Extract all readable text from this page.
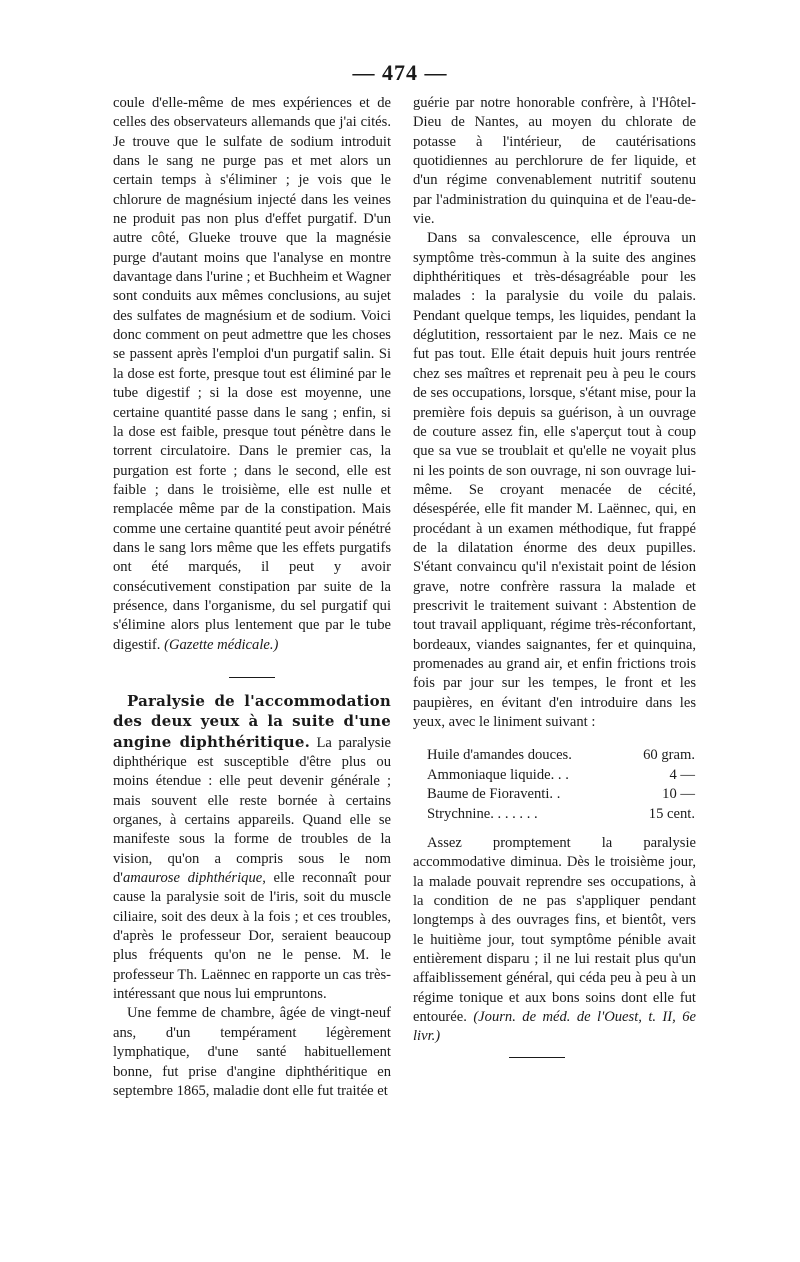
— 474 —

coule d'elle-même de mes expériences et de celles des observateurs allemands que j'ai cités. Je trouve que le sulfate de sodium introduit dans le sang ne purge pas et met alors un certain temps à s'éliminer ; je vois que le chlorure de magnésium injecté dans les veines ne produit pas non plus d'effet purgatif. D'un autre côté, Glueke trouve que la magnésie purge d'autant moins que l'analyse en montre davantage dans l'urine ; et Buchheim et Wagner sont conduits aux mêmes conclusions, au sujet des sulfates de magnésium et de sodium. Voici donc comment on peut admettre que les choses se passent après l'emploi d'un purgatif salin. Si la dose est forte, presque tout est éliminé par le tube digestif ; si la dose est moyenne, une certaine quantité passe dans le sang ; enfin, si la dose est faible, presque tout pénètre dans le torrent circulatoire. Dans le premier cas, la purgation est forte ; dans le second, elle est faible ; dans le troisième, elle est nulle et remplacée même par de la constipation. Mais comme une certaine quantité peut avoir pénétré dans le sang lors même que les effets purgatifs ont été marqués, il peut y avoir consécutivement constipation par suite de la présence, dans l'organisme, du sel purgatif qui s'élimine alors plus lentement que par le tube digestif. (Gazette médicale.)

Paralysie de l'accommodation des deux yeux à la suite d'une angine diphthéritique. La paralysie diphthérique est susceptible d'être plus ou moins étendue : elle peut devenir générale ; mais souvent elle reste bornée à certains organes, à certains appareils. Quand elle se manifeste sous la forme de troubles de la vision, qu'on a compris sous le nom d'amaurose diphthérique, elle reconnaît pour cause la paralysie soit de l'iris, soit du muscle ciliaire, soit des deux à la fois ; et ces troubles, d'après le professeur Dor, seraient beaucoup plus fréquents qu'on ne le pense. M. le professeur Th. Laënnec en rapporte un cas très-intéressant que nous lui empruntons.

Une femme de chambre, âgée de vingt-neuf ans, d'un tempérament légèrement lymphatique, d'une santé habituellement bonne, fut prise d'angine diphthéritique en septembre 1865, maladie dont elle fut traitée et

guérie par notre honorable confrère, à l'Hôtel-Dieu de Nantes, au moyen du chlorate de potasse à l'intérieur, de cautérisations quotidiennes au perchlorure de fer liquide, et d'un régime convenablement nutritif soutenu par l'administration du quinquina et de l'eau-de-vie.

Dans sa convalescence, elle éprouva un symptôme très-commun à la suite des angines diphthéritiques et très-désagréable pour les malades : la paralysie du voile du palais. Pendant quelque temps, les liquides, pendant la déglutition, ressortaient par le nez. Mais ce ne fut pas tout. Elle était depuis huit jours rentrée chez ses maîtres et reprenait peu à peu le cours de ses occupations, lorsque, s'étant mise, pour la première fois depuis sa guérison, à un ouvrage de couture assez fin, elle s'aperçut tout à coup que sa vue se troublait et qu'elle ne voyait plus ni les points de son ouvrage, ni son ouvrage lui-même. Se croyant menacée de cécité, désespérée, elle fit mander M. Laënnec, qui, en procédant à un examen méthodique, fut frappé de la dilatation énorme des deux pupilles. S'étant convaincu qu'il n'existait point de lésion grave, notre confrère rassura la malade et prescrivit le traitement suivant : Abstention de tout travail appliquant, régime très-réconfortant, bordeaux, viandes saignantes, fer et quinquina, promenades au grand air, et enfin frictions trois fois par jour sur les tempes, le front et les paupières, en évitant d'en introduire dans les yeux, avec le liniment suivant :

Huile d'amandes douces.	60 gram.
Ammoniaque liquide. . .	4 —
Baume de Fioraventi. .	10 —
Strychnine. . . . . . .	15 cent.

Assez promptement la paralysie accommodative diminua. Dès le troisième jour, la malade pouvait reprendre ses occupations, à la condition de ne pas s'appliquer pendant longtemps à des ouvrages fins, et bientôt, vers le huitième jour, tout symptôme pénible avait entièrement disparu ; il ne lui restait plus qu'un affaiblissement général, qui céda peu à peu à un régime tonique et aux bons soins dont elle fut entourée. (Journ. de méd. de l'Ouest, t. II, 6e livr.)
